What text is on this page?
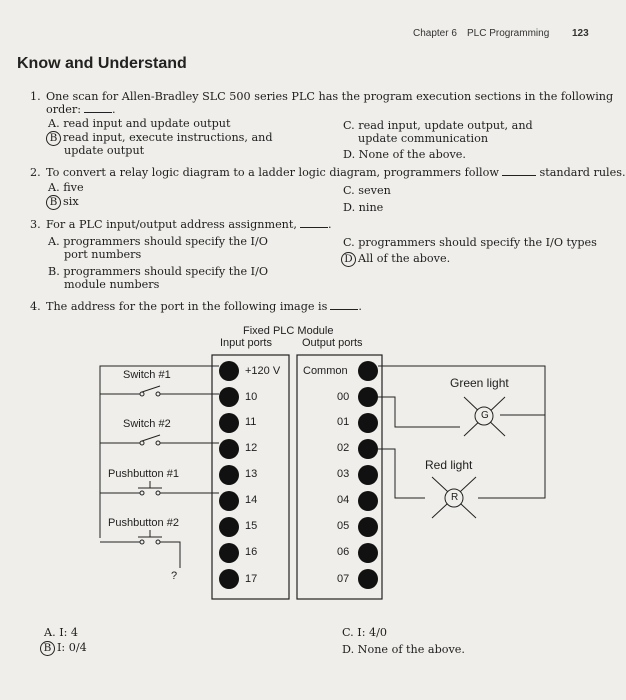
Chapter 6 PLC Programming 123
Know and Understand
1. One scan for Allen-Bradley SLC 500 series PLC has the program execution sections in the following
order:	.
A. read input and update output
B read input, execute instructions, and
update output
C. read input, update output, and
update communication
D. None of the above.
2. To convert a relay logic diagram to a ladder logic diagram, programmers follow	standard rules.
A. five
B six
C. seven
D. nine
3. For a PLC input/output address assignment,	.
A. programmers should specify the I/O
port numbers
B. programmers should specify the I/O
module numbers
C. programmers should specify the I/O types
D All of the above.
4. The address for the port in the following image is	.
Fixed PLC Module
Input ports	Output ports
Switch #1
Switch #2
Pushbutton #1
Pushbutton #2
?
+120 V
10
11
12
13
14
15
16
17
Common
00
01
02
03
04
05
06
07
Green light
Red light
G
R
A. I: 4
B I: 0/4
C. I: 4/0
D. None of the above.
